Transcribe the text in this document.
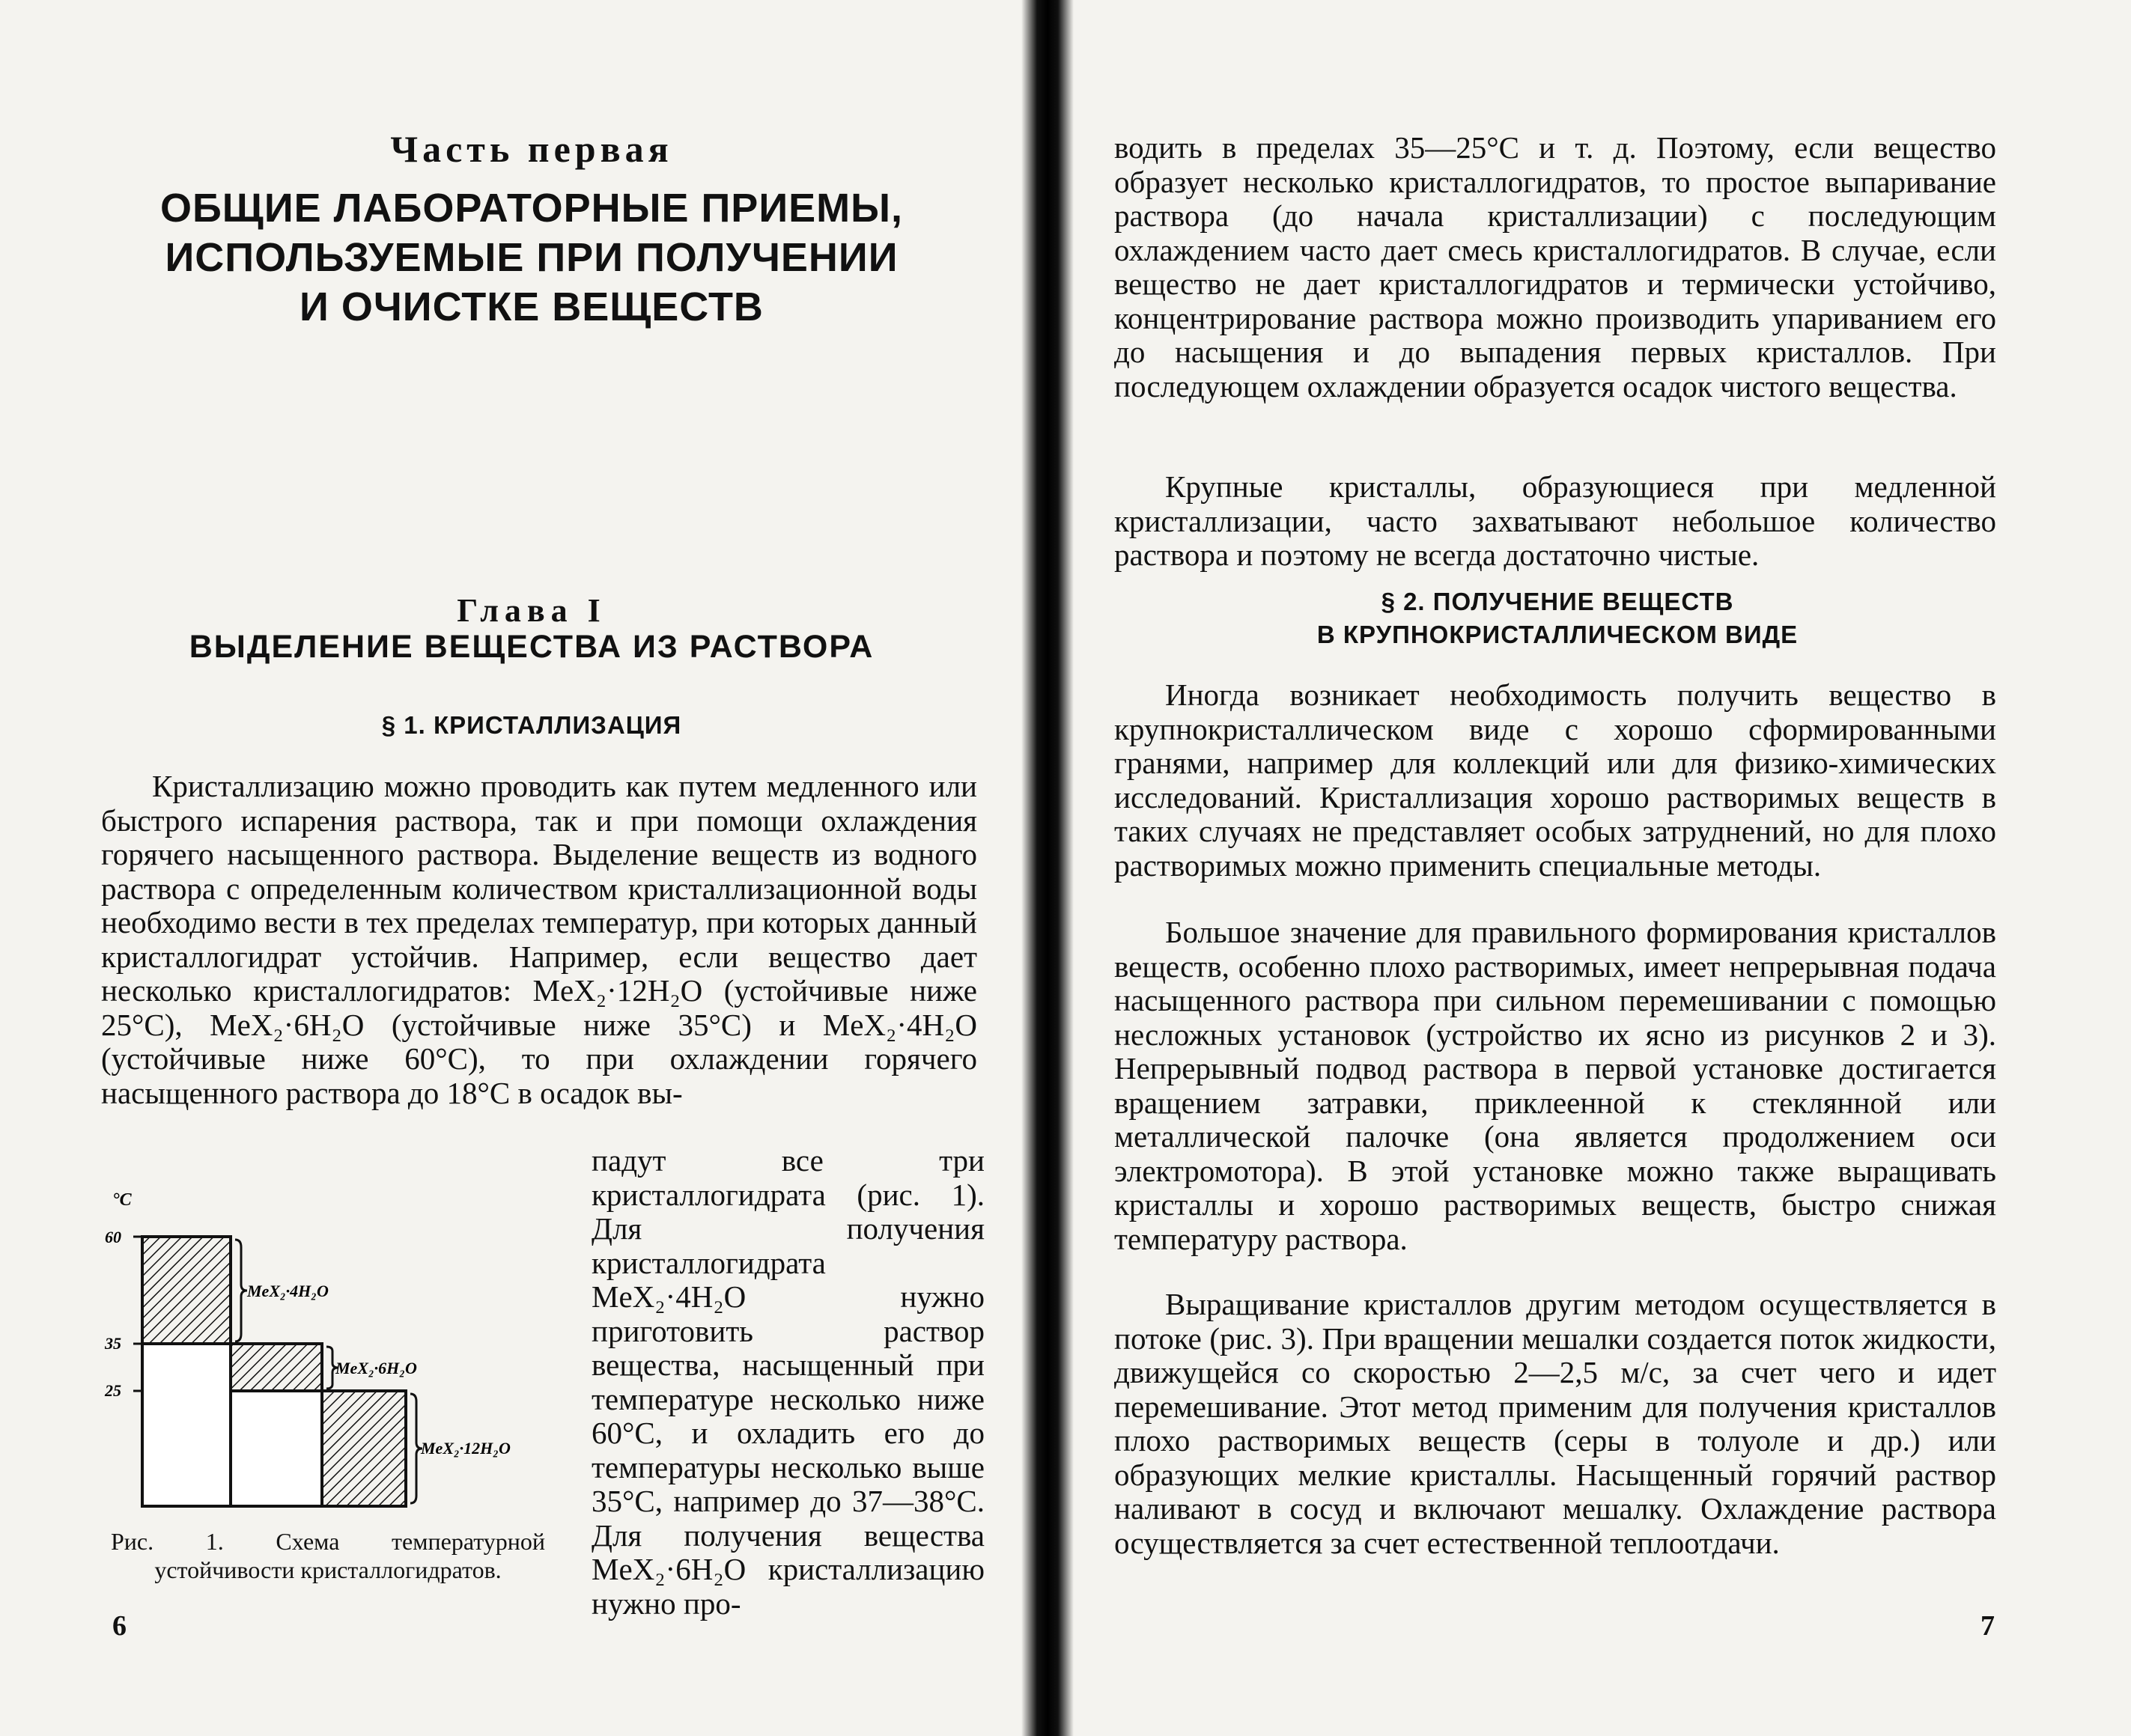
Часть первая
ОБЩИЕ ЛАБОРАТОРНЫЕ ПРИЕМЫ,
ИСПОЛЬЗУЕМЫЕ ПРИ ПОЛУЧЕНИИ
И ОЧИСТКЕ ВЕЩЕСТВ
Глава I
ВЫДЕЛЕНИЕ ВЕЩЕСТВА ИЗ РАСТВОРА
§ 1. КРИСТАЛЛИЗАЦИЯ

Кристаллизацию можно проводить как путем медленного или быстрого испарения раствора, так и при помощи охлаждения горячего насыщенного раствора. Выделение веществ из водного раствора с определенным количеством кристаллизационной воды необходимо вести в тех пределах температур, при которых данный кристаллогидрат устойчив. Например, если вещество дает несколько кристаллогидратов: MeX₂·12H₂O (устойчивые ниже 25°C), MeX₂·6H₂O (устойчивые ниже 35°C) и MeX₂·4H₂O (устойчивые ниже 60°C), то при охлаждении горячего насыщенного раствора до 18°C в осадок вы-

°C
60
35
25
MeX₂·4H₂O
MeX₂·6H₂O
MeX₂·12H₂O

падут все три кристаллогидрата (рис. 1). Для получения кристаллогидрата MeX₂·4H₂O нужно приготовить раствор вещества, насыщенный при температуре несколько ниже 60°C, и охладить его до температуры несколько выше 35°C, например до 37—38°C. Для получения вещества MeX₂·6H₂O кристаллизацию нужно про-

Рис. 1. Схема температурной устойчивости кристаллогидратов.
6

водить в пределах 35—25°C и т. д. Поэтому, если вещество образует несколько кристаллогидратов, то простое выпаривание раствора (до начала кристаллизации) с последующим охлаждением часто дает смесь кристаллогидратов. В случае, если вещество не дает кристаллогидратов и термически устойчиво, концентрирование раствора можно производить упариванием его до насыщения и до выпадения первых кристаллов. При последующем охлаждении образуется осадок чистого вещества.

Крупные кристаллы, образующиеся при медленной кристаллизации, часто захватывают небольшое количество раствора и поэтому не всегда достаточно чистые.

§ 2. ПОЛУЧЕНИЕ ВЕЩЕСТВ
В КРУПНОКРИСТАЛЛИЧЕСКОМ ВИДЕ

Иногда возникает необходимость получить вещество в крупнокристаллическом виде с хорошо сформированными гранями, например для коллекций или для физико-химических исследований. Кристаллизация хорошо растворимых веществ в таких случаях не представляет особых затруднений, но для плохо растворимых можно применить специальные методы.

Большое значение для правильного формирования кристаллов веществ, особенно плохо растворимых, имеет непрерывная подача насыщенного раствора при сильном перемешивании с помощью несложных установок (устройство их ясно из рисунков 2 и 3). Непрерывный подвод раствора в первой установке достигается вращением затравки, приклеенной к стеклянной или металлической палочке (она является продолжением оси электромотора). В этой установке можно также выращивать кристаллы и хорошо растворимых веществ, быстро снижая температуру раствора.

Выращивание кристаллов другим методом осуществляется в потоке (рис. 3). При вращении мешалки создается поток жидкости, движущейся со скоростью 2—2,5 м/с, за счет чего и идет перемешивание. Этот метод применим для получения кристаллов плохо растворимых веществ (серы в толуоле и др.) или образующих мелкие кристаллы. Насыщенный горячий раствор наливают в сосуд и включают мешалку. Охлаждение раствора осуществляется за счет естественной теплоотдачи.

7
